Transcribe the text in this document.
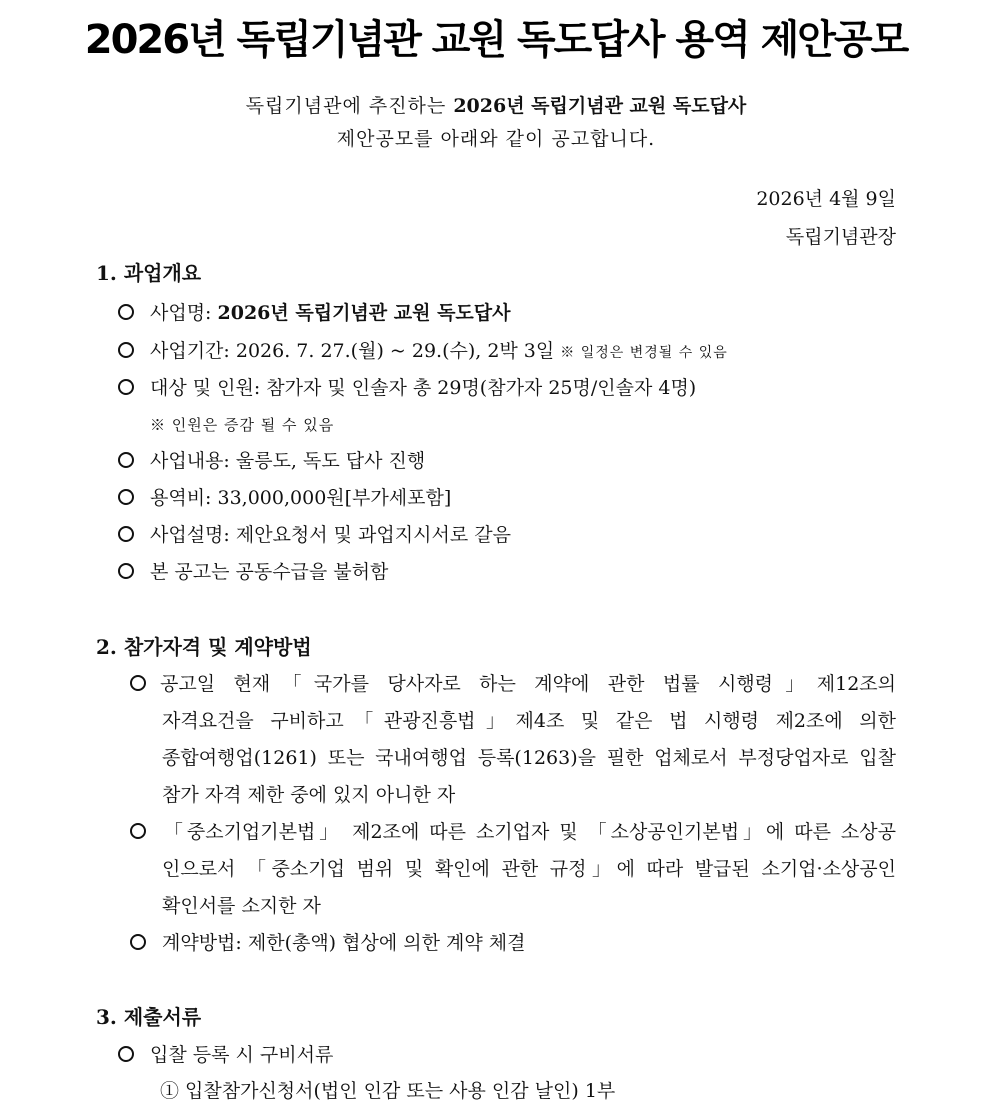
2026년 독립기념관 교원 독도답사 용역 제안공모
독립기념관에 추진하는 2026년 독립기념관 교원 독도답사
제안공모를 아래와 같이 공고합니다.
2026년 4월 9일
독립기념관장
1. 과업개요
사업명: 2026년 독립기념관 교원 독도답사
사업기간: 2026. 7. 27.(월) ~ 29.(수), 2박 3일 ※ 일정은 변경될 수 있음
대상 및 인원: 참가자 및 인솔자 총 29명(참가자 25명/인솔자 4명)
※ 인원은 증감 될 수 있음
사업내용: 울릉도, 독도 답사 진행
용역비: 33,000,000원[부가세포함]
사업설명: 제안요청서 및 과업지시서로 갈음
본 공고는 공동수급을 불허함
2. 참가자격 및 계약방법
공고일 현재「국가를 당사자로 하는 계약에 관한 법률 시행령」제12조의
자격요건을 구비하고「관광진흥법」제4조 및 같은 법 시행령 제2조에 의한
종합여행업(1261) 또는 국내여행업 등록(1263)을 필한 업체로서 부정당업자로 입찰
참가 자격 제한 중에 있지 아니한 자
「중소기업기본법」 제2조에 따른 소기업자 및 「소상공인기본법」에 따른 소상공
인으로서 「중소기업 범위 및 확인에 관한 규정」에 따라 발급된 소기업·소상공인
확인서를 소지한 자
계약방법: 제한(총액) 협상에 의한 계약 체결
3. 제출서류
입찰 등록 시 구비서류
① 입찰참가신청서(법인 인감 또는 사용 인감 날인) 1부
